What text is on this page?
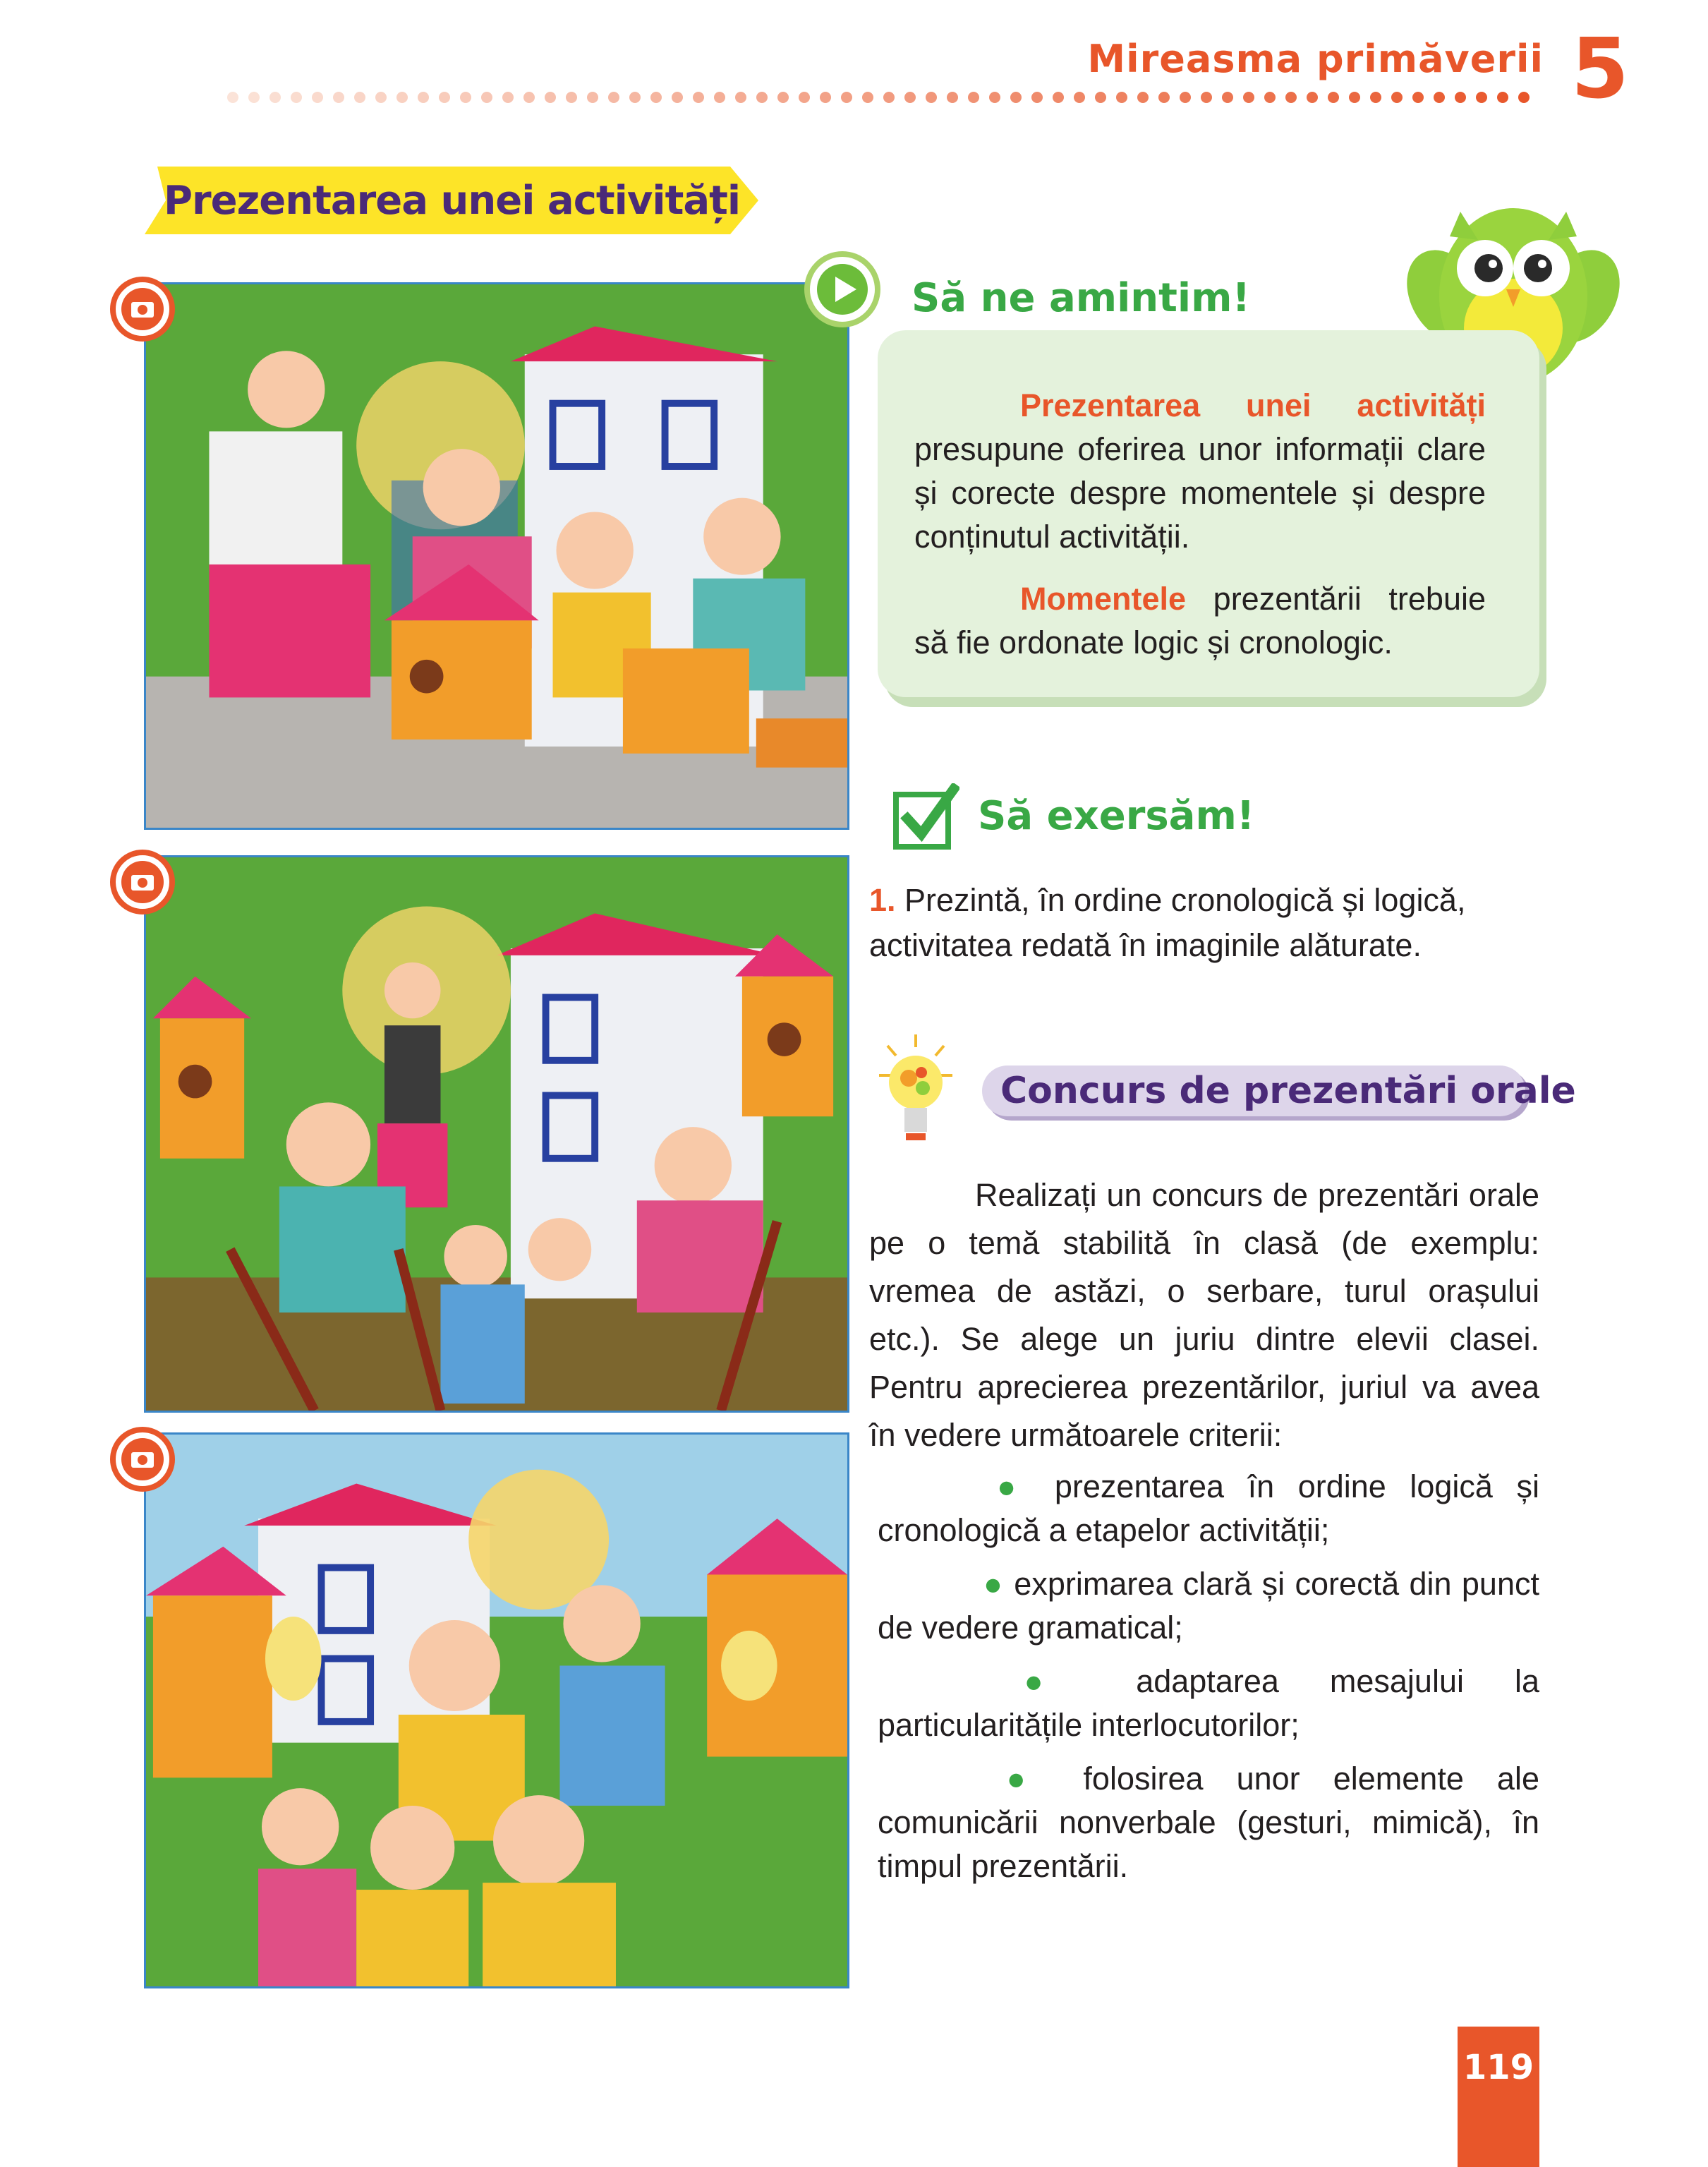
Mireasma primăverii 5
Prezentarea unei activități
Să ne amintim!
Prezentarea unei activități presupune oferirea unor informații clare și corecte despre momentele și despre conținutul activității.
Momentele prezentării trebuie să fie ordonate logic și cronologic.
Să exersăm!
1. Prezintă, în ordine cronologică și logică, activitatea redată în imaginile alăturate.
Concurs de prezentări orale
Realizați un concurs de prezentări orale pe o temă stabilită în clasă (de exemplu: vremea de astăzi, o serbare, turul orașului etc.). Se alege un juriu dintre elevii clasei. Pentru aprecierea prezentărilor, juriul va avea în vedere următoarele criterii:
● prezentarea în ordine logică și cronologică a etapelor activității;
● exprimarea clară și corectă din punct de vedere gramatical;
● adaptarea mesajului la particularitățile interlocutorilor;
● folosirea unor elemente ale comunicării nonverbale (gesturi, mimică), în timpul prezentării.
119
